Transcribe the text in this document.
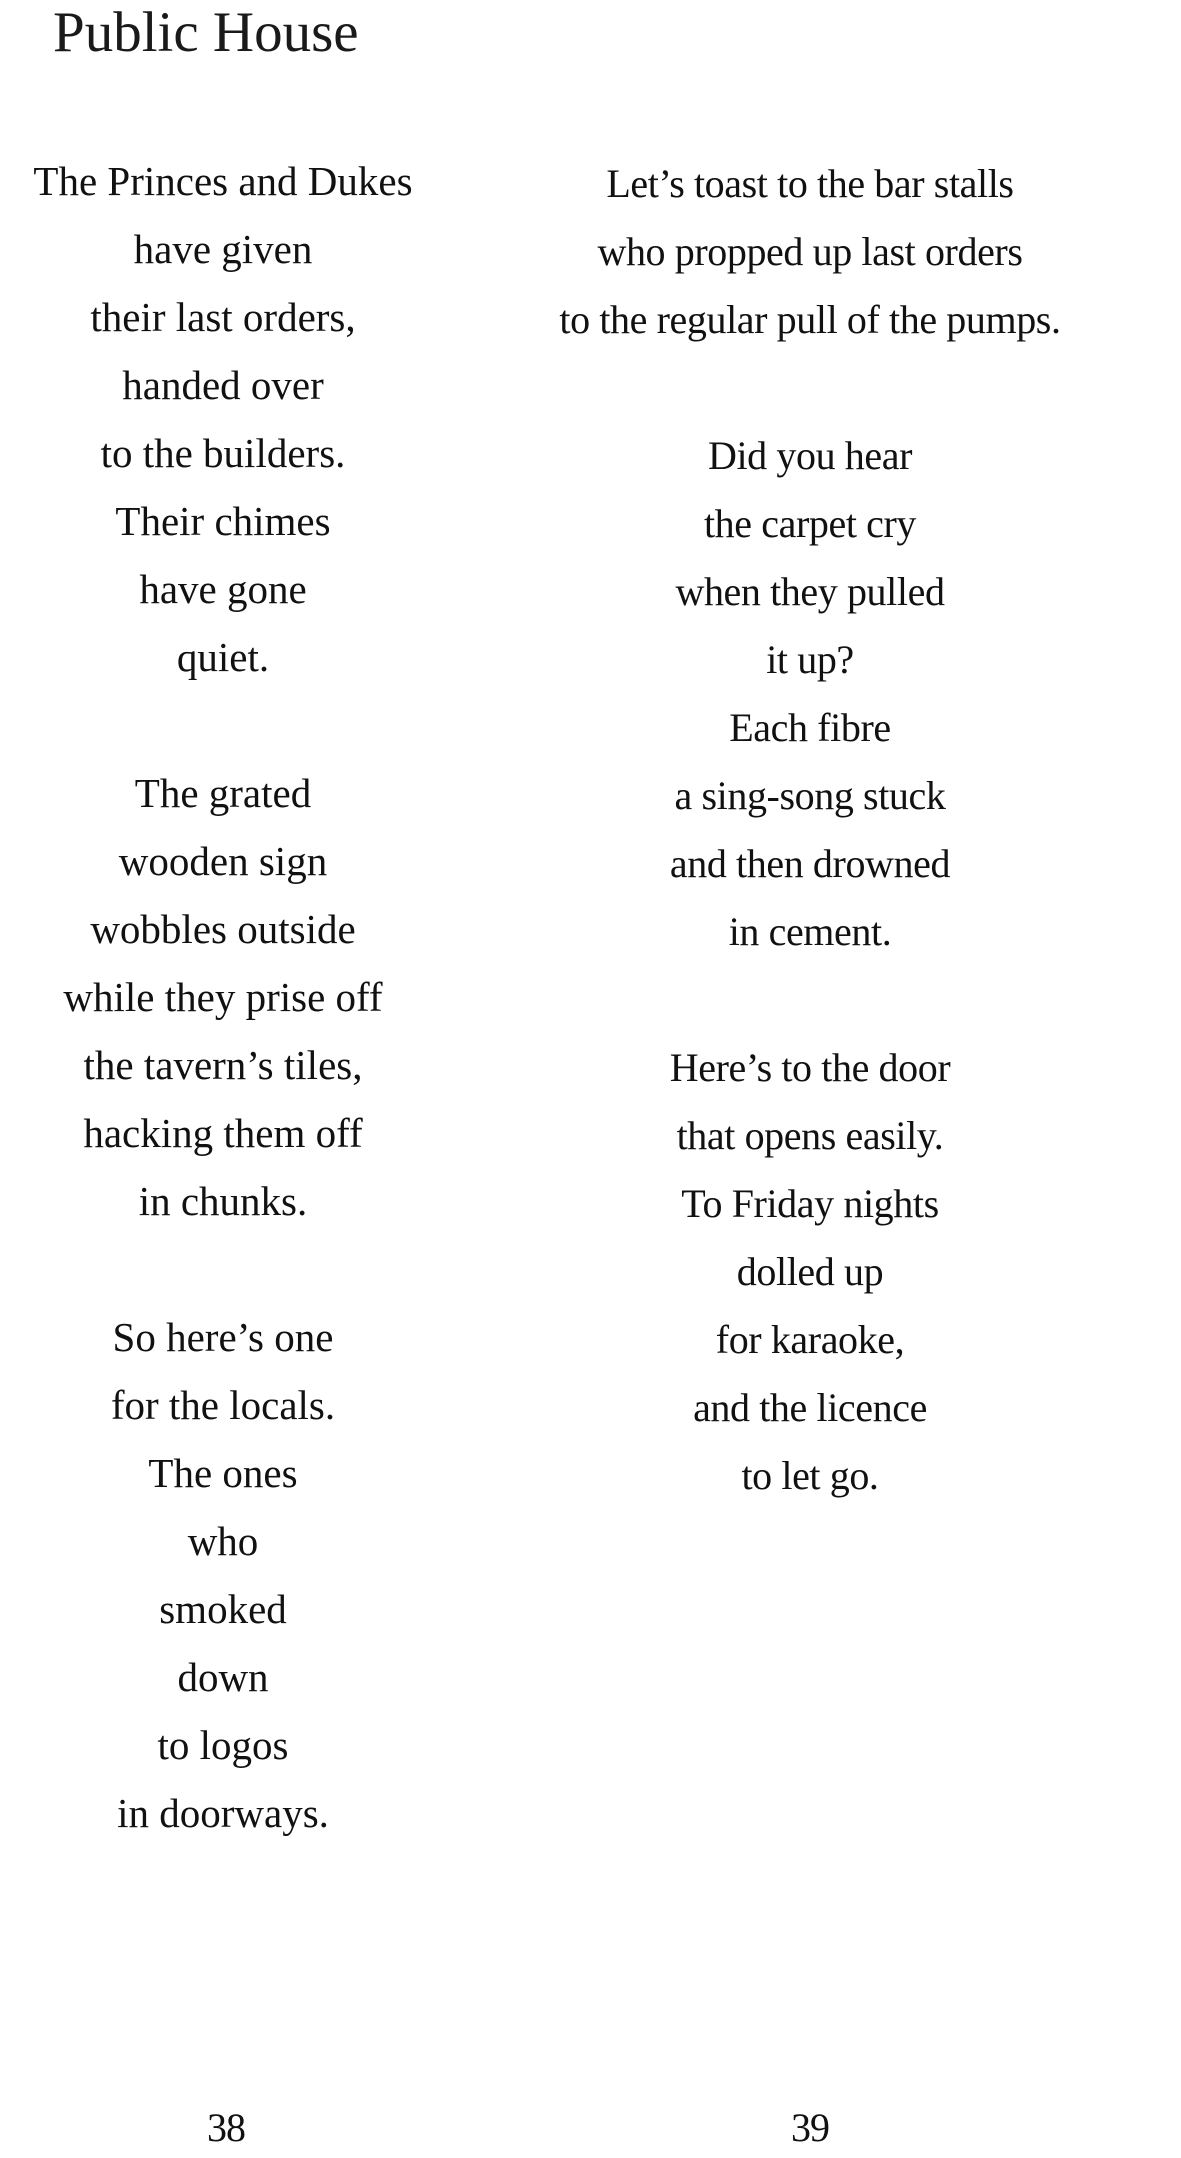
Public House
The Princes and Dukes
have given
their last orders,
handed over
to the builders.
Their chimes
have gone
quiet.
The grated
wooden sign
wobbles outside
while they prise off
the tavern’s tiles,
hacking them off
in chunks.
So here’s one
for the locals.
The ones
who
smoked
down
to logos
in doorways.
Let’s toast to the bar stalls
who propped up last orders
to the regular pull of the pumps.
Did you hear
the carpet cry
when they pulled
it up?
Each fibre
a sing-song stuck
and then drowned
in cement.
Here’s to the door
that opens easily.
To Friday nights
dolled up
for karaoke,
and the licence
to let go.
38	39
